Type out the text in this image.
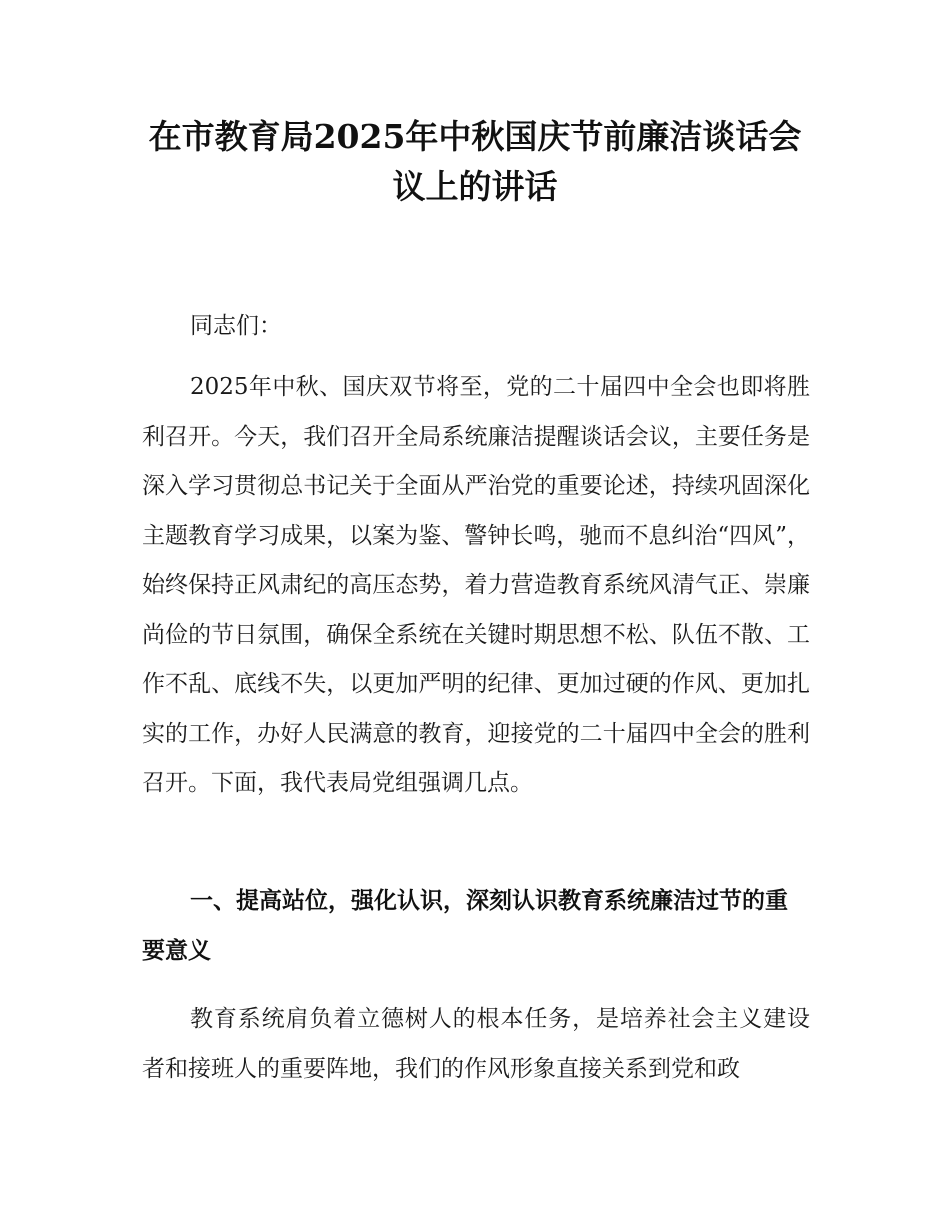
在市教育局2025年中秋国庆节前廉洁谈话会议上的讲话

同志们：

2025年中秋、国庆双节将至，党的二十届四中全会也即将胜利召开。今天，我们召开全局系统廉洁提醒谈话会议，主要任务是深入学习贯彻总书记关于全面从严治党的重要论述，持续巩固深化主题教育学习成果，以案为鉴、警钟长鸣，驰而不息纠治“四风”，始终保持正风肃纪的高压态势，着力营造教育系统风清气正、崇廉尚俭的节日氛围，确保全系统在关键时期思想不松、队伍不散、工作不乱、底线不失，以更加严明的纪律、更加过硬的作风、更加扎实的工作，办好人民满意的教育，迎接党的二十届四中全会的胜利召开。下面，我代表局党组强调几点。

一、提高站位，强化认识，深刻认识教育系统廉洁过节的重要意义

教育系统肩负着立德树人的根本任务，是培养社会主义建设者和接班人的重要阵地，我们的作风形象直接关系到党和政
